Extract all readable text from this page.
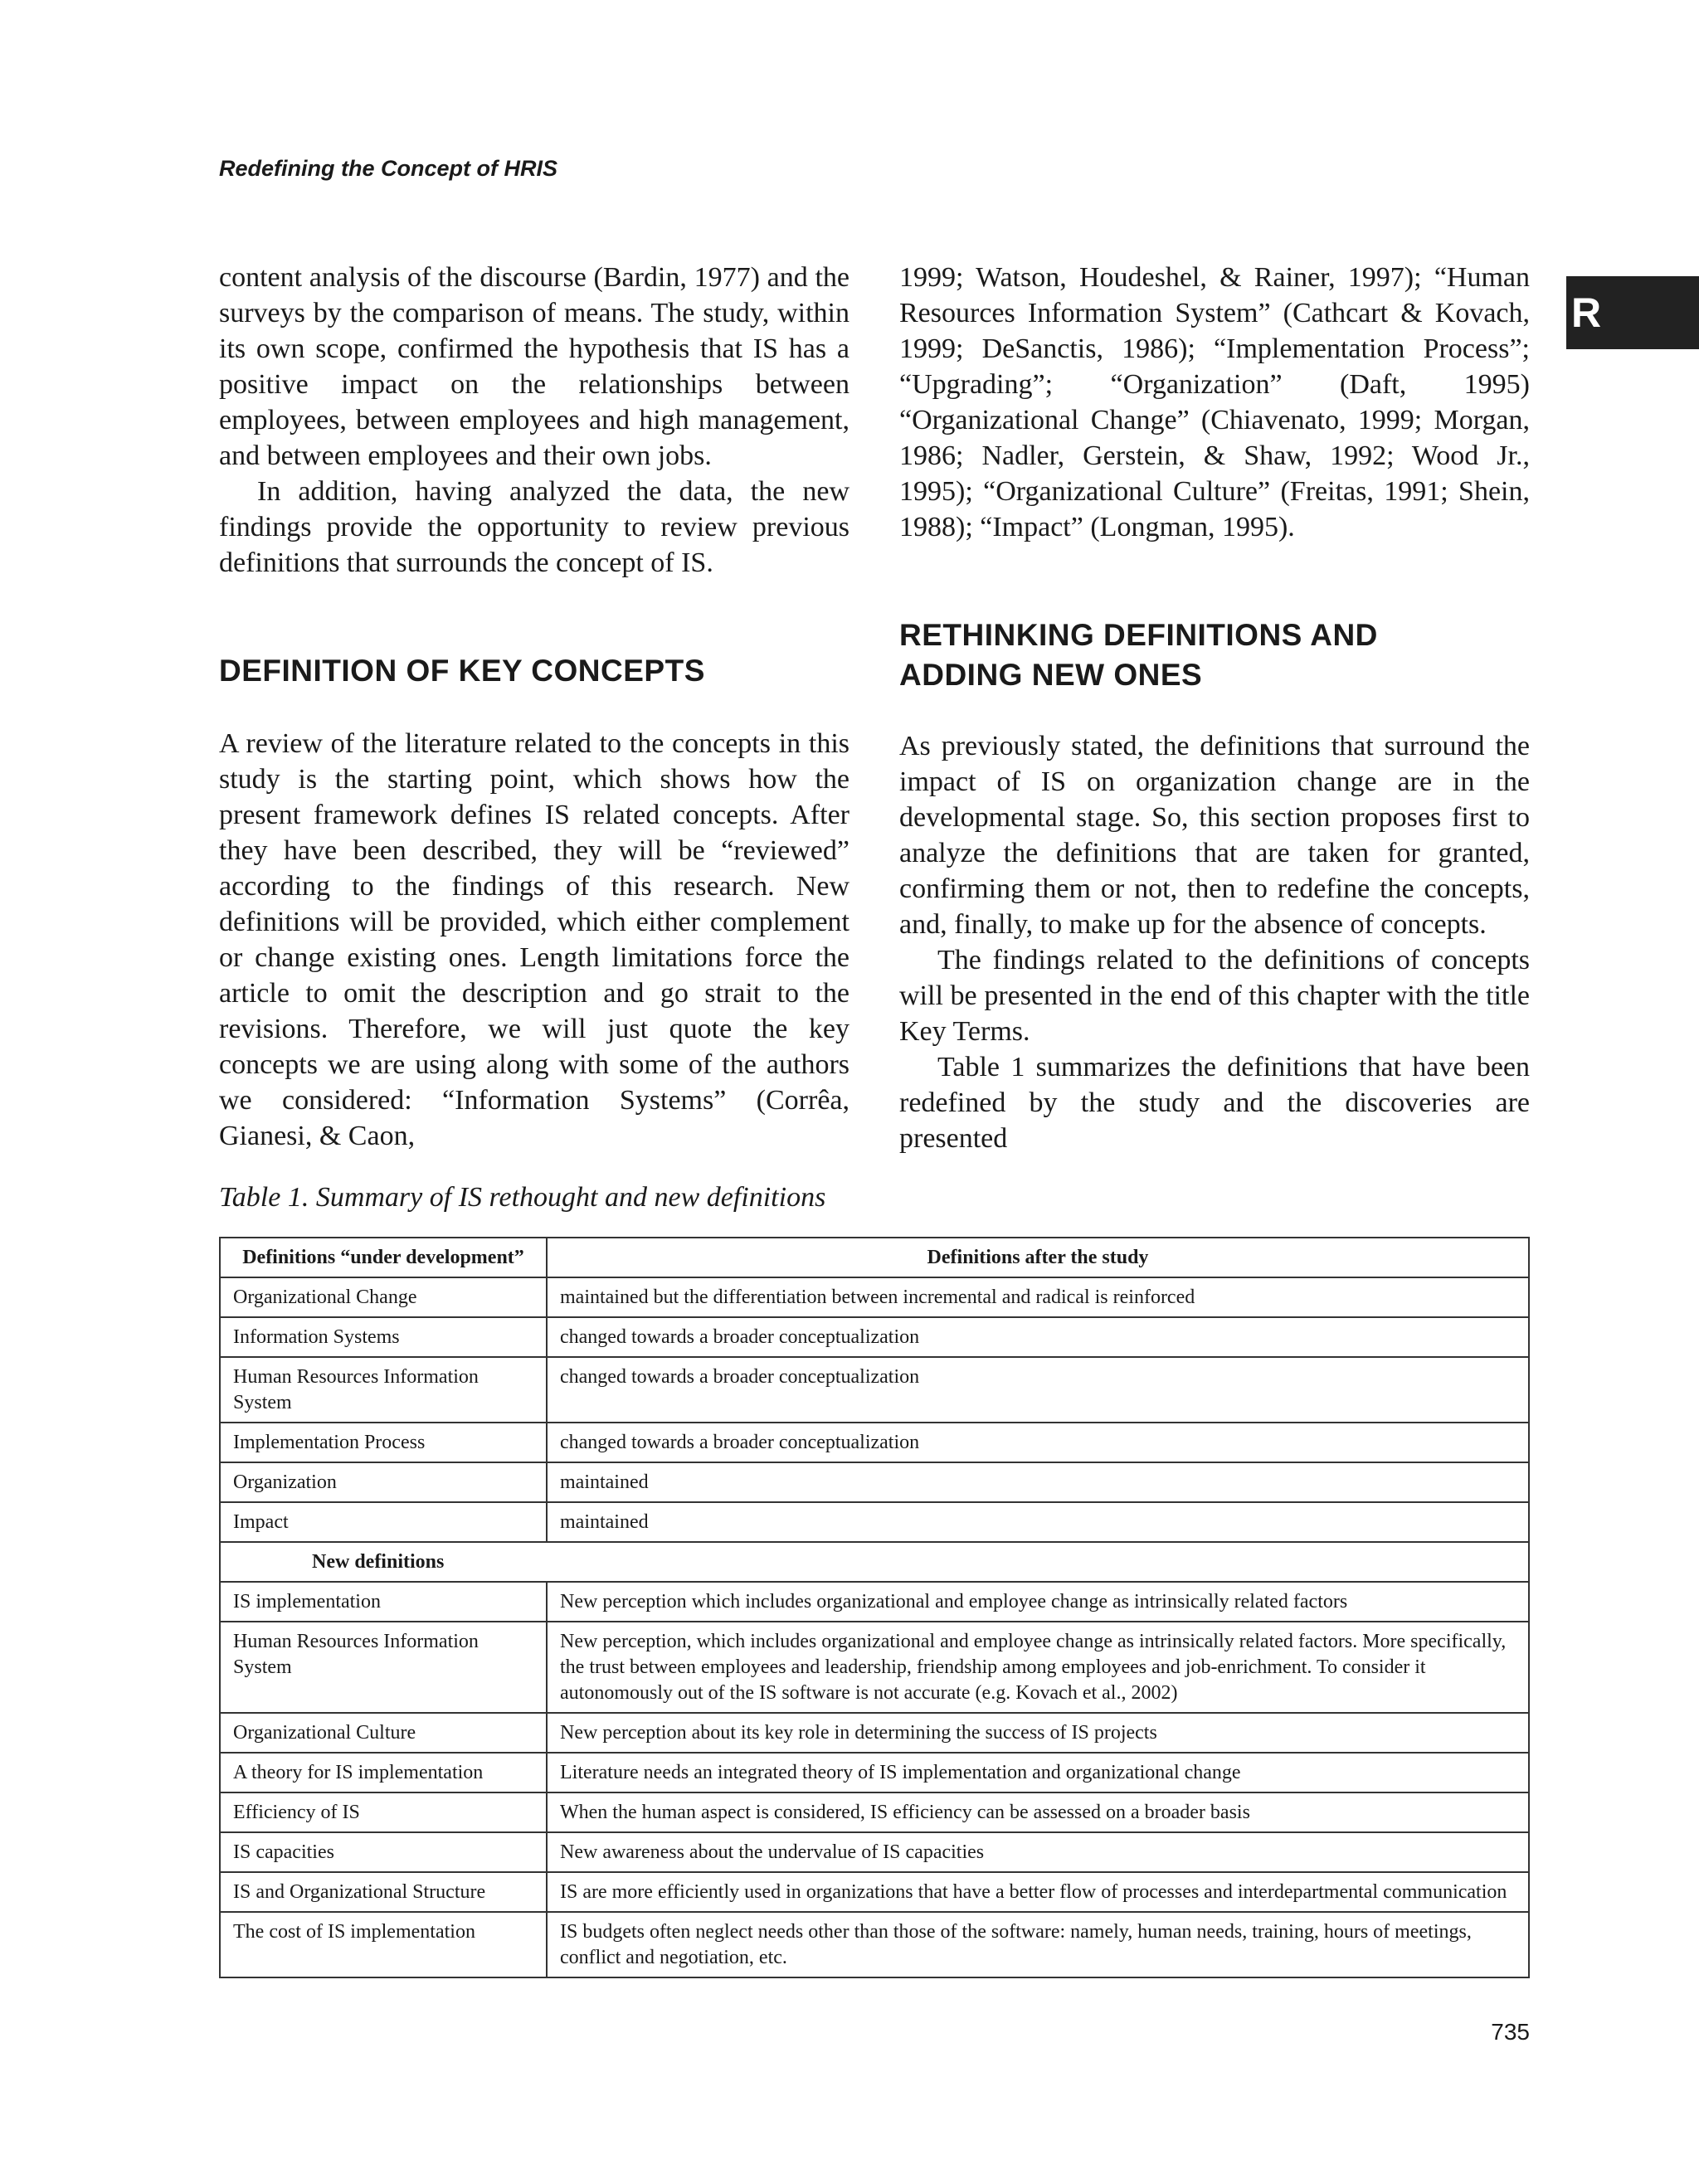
Redefining the Concept of HRIS
R

content analysis of the discourse (Bardin, 1977) and the surveys by the comparison of means. The study, within its own scope, confirmed the hypothesis that IS has a positive impact on the relationships between employees, between employees and high management, and between employees and their own jobs.

In addition, having analyzed the data, the new findings provide the opportunity to review previous definitions that surrounds the concept of IS.

DEFINITION OF KEY CONCEPTS

A review of the literature related to the concepts in this study is the starting point, which shows how the present framework defines IS related concepts. After they have been described, they will be “reviewed” according to the findings of this research. New definitions will be provided, which either complement or change existing ones. Length limitations force the article to omit the description and go strait to the revisions. Therefore, we will just quote the key concepts we are using along with some of the authors we considered: “Information Systems” (Corrêa, Gianesi, & Caon,

1999; Watson, Houdeshel, & Rainer, 1997); “Human Resources Information System” (Cathcart & Kovach, 1999; DeSanctis, 1986); “Implementation Process”; “Upgrading”; “Organization” (Daft, 1995) “Organizational Change” (Chiavenato, 1999; Morgan, 1986; Nadler, Gerstein, & Shaw, 1992; Wood Jr., 1995); “Organizational Culture” (Freitas, 1991; Shein, 1988); “Impact” (Longman, 1995).

RETHINKING DEFINITIONS AND
ADDING NEW ONES

As previously stated, the definitions that surround the impact of IS on organization change are in the developmental stage. So, this section proposes first to analyze the definitions that are taken for granted, confirming them or not, then to redefine the concepts, and, finally, to make up for the absence of concepts.

The findings related to the definitions of concepts will be presented in the end of this chapter with the title Key Terms.

Table 1 summarizes the definitions that have been redefined by the study and the discoveries are presented

Table 1. Summary of IS rethought and new definitions
Definitions “under development”	Definitions after the study
Organizational Change	maintained but the differentiation between incremental and radical is reinforced
Information Systems	changed towards a broader conceptualization
Human Resources Information System	changed towards a broader conceptualization
Implementation Process	changed towards a broader conceptualization
Organization	maintained
Impact	maintained
New definitions	
IS implementation	New perception which includes organizational and employee change as intrinsically related factors
Human Resources Information System	New perception, which includes organizational and employee change as intrinsically related factors. More specifically, the trust between employees and leadership, friendship among employees and job-enrichment. To consider it autonomously out of the IS software is not accurate (e.g. Kovach et al., 2002)
Organizational Culture	New perception about its key role in determining the success of IS projects
A theory for IS implementation	Literature needs an integrated theory of IS implementation and organizational change
Efficiency of IS	When the human aspect is considered, IS efficiency can be assessed on a broader basis
IS capacities	New awareness about the undervalue of IS capacities
IS and Organizational Structure	IS are more efficiently used in organizations that have a better flow of processes and interdepartmental communication
The cost of IS implementation	IS budgets often neglect needs other than those of the software: namely, human needs, training, hours of meetings, conflict and negotiation, etc.
735
